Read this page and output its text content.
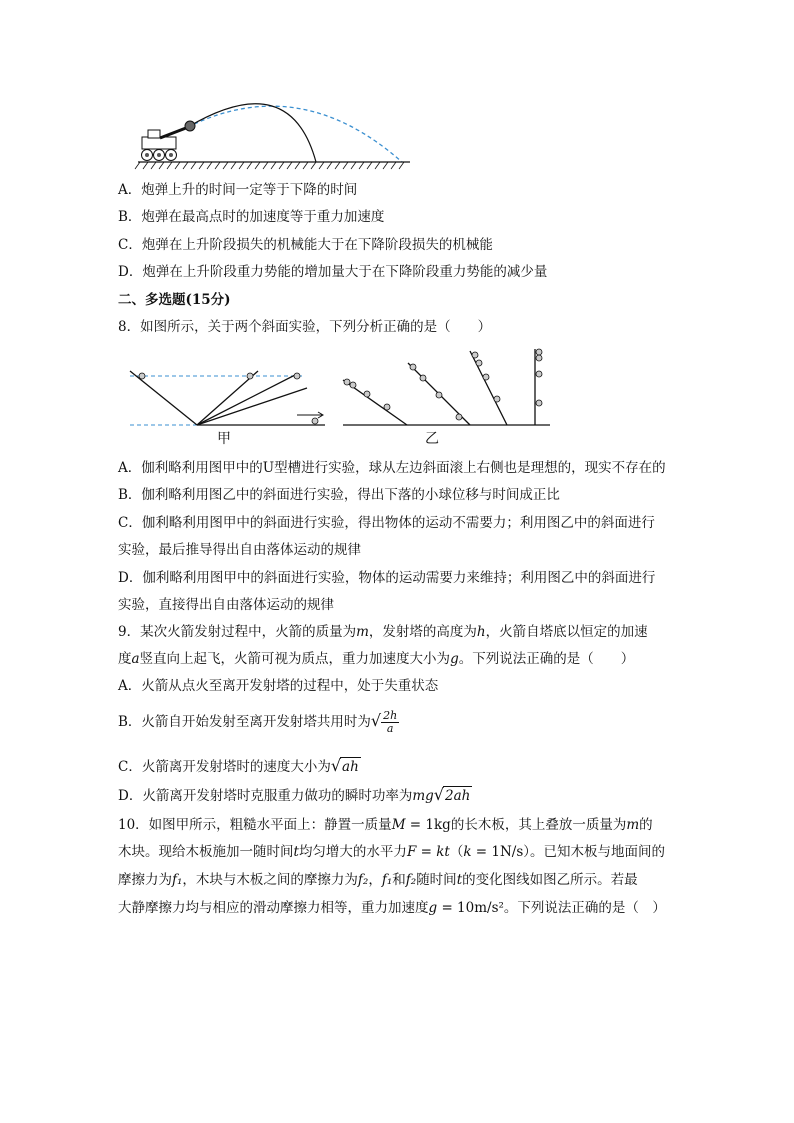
A．炮弹上升的时间一定等于下降的时间
B．炮弹在最高点时的加速度等于重力加速度
C．炮弹在上升阶段损失的机械能大于在下降阶段损失的机械能
D．炮弹在上升阶段重力势能的增加量大于在下降阶段重力势能的减少量
二、多选题(15分)
8．如图所示，关于两个斜面实验，下列分析正确的是（　　）
甲	乙
A．伽利略利用图甲中的U型槽进行实验，球从左边斜面滚上右侧也是理想的，现实不存在的
B．伽利略利用图乙中的斜面进行实验，得出下落的小球位移与时间成正比
C．伽利略利用图甲中的斜面进行实验，得出物体的运动不需要力；利用图乙中的斜面进行
实验，最后推导得出自由落体运动的规律
D．伽利略利用图甲中的斜面进行实验，物体的运动需要力来维持；利用图乙中的斜面进行
实验，直接得出自由落体运动的规律
9．某次火箭发射过程中，火箭的质量为m，发射塔的高度为h，火箭自塔底以恒定的加速
度a竖直向上起飞，火箭可视为质点，重力加速度大小为g。下列说法正确的是（　　）
A．火箭从点火至离开发射塔的过程中，处于失重状态
B．火箭自开始发射至离开发射塔共用时为√ $\frac{2h}{a}$
C．火箭离开发射塔时的速度大小为√ah
D．火箭离开发射塔时克服重力做功的瞬时功率为mg√2ah
10．如图甲所示，粗糙水平面上：静置一质量M = 1kg的长木板，其上叠放一质量为m的
木块。现给木板施加一随时间t均匀增大的水平力F = kt（k = 1N/s）。已知木板与地面间的
摩擦力为f₁，木块与木板之间的摩擦力为f₂，f₁和f₂随时间t的变化图线如图乙所示。若最
大静摩擦力均与相应的滑动摩擦力相等，重力加速度g = 10m/s²。下列说法正确的是（　）
